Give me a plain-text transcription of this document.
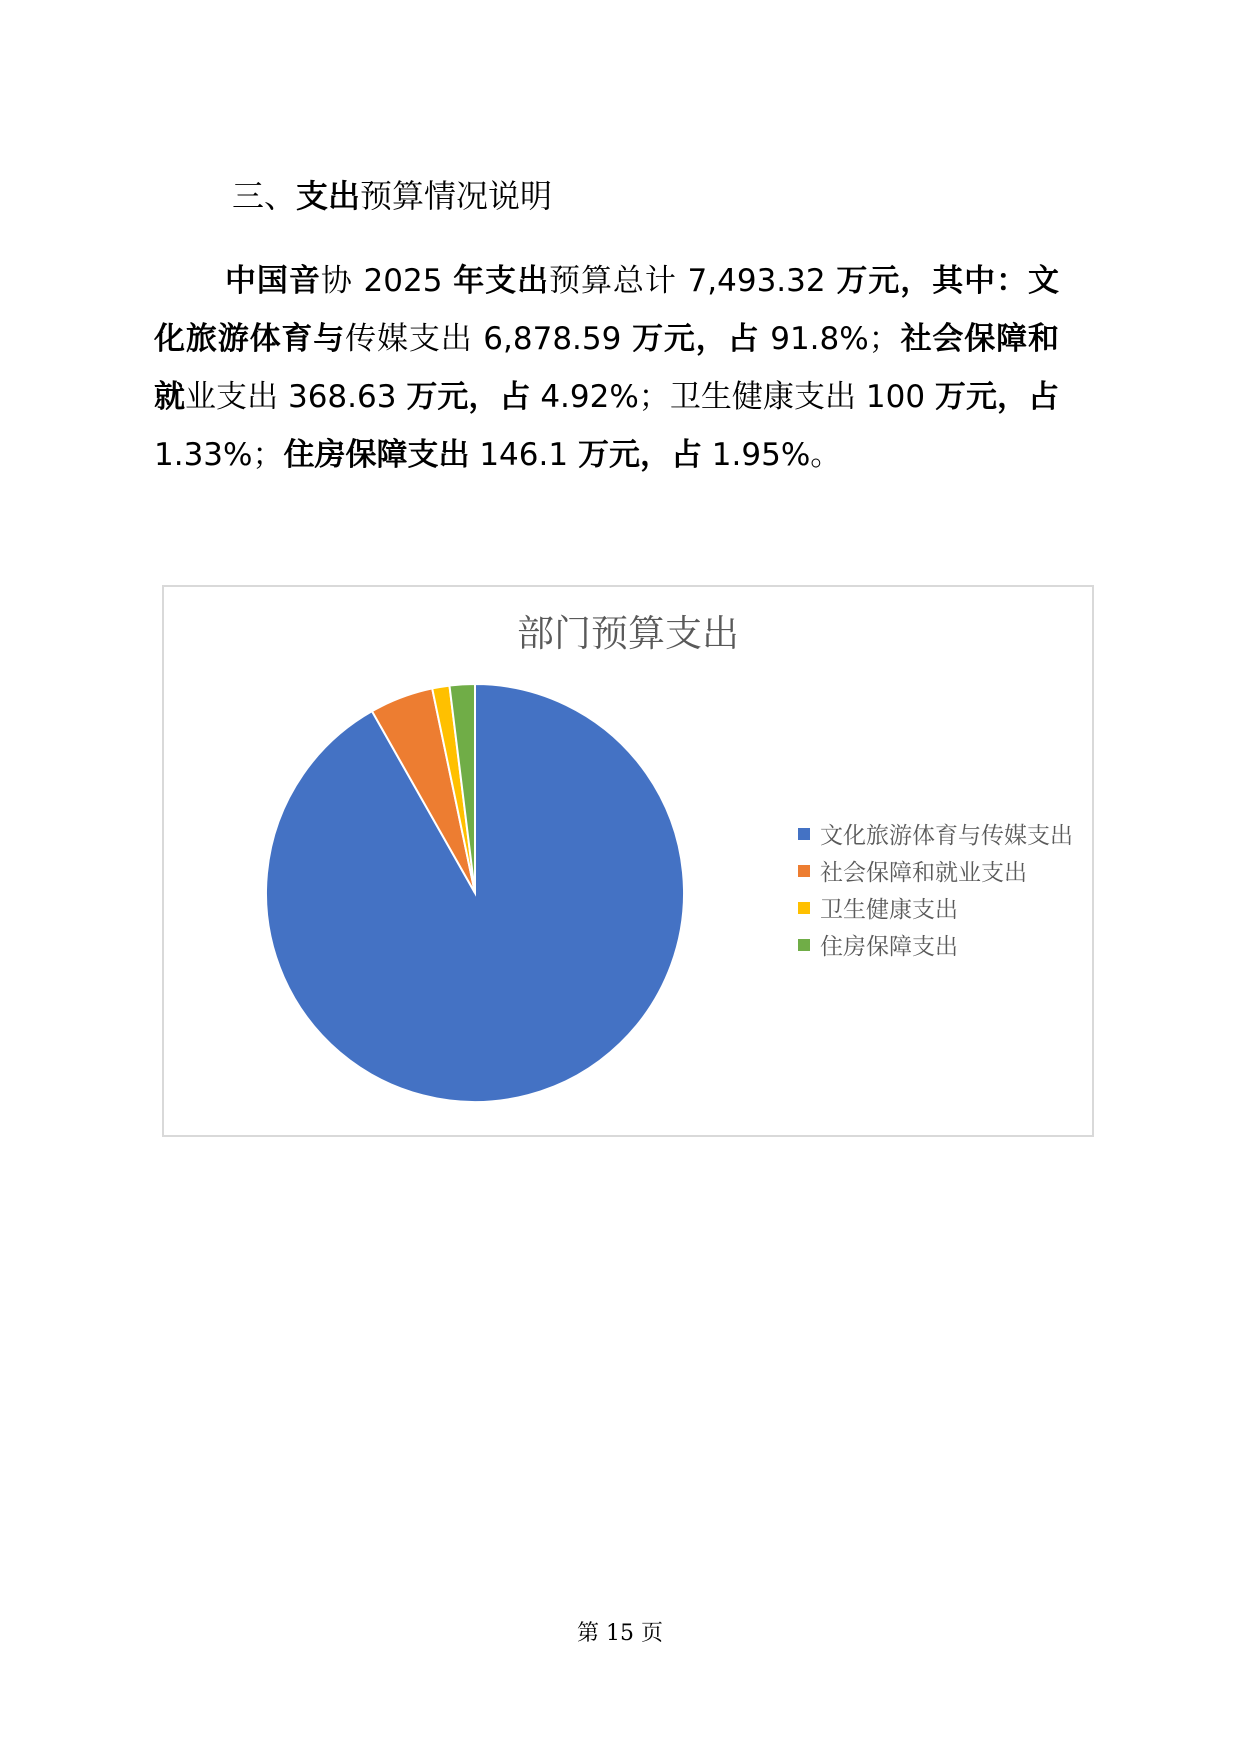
三、支出预算情况说明
中国音协 2025 年支出预算总计 7,493.32 万元，其中：文化旅游体育与传媒支出 6,878.59 万元，占 91.8%；社会保障和就业支出 368.63 万元，占 4.92%；卫生健康支出 100 万元，占 1.33%；住房保障支出 146.1 万元，占 1.95%。
部门预算支出
文化旅游体育与传媒支出
社会保障和就业支出
卫生健康支出
住房保障支出
第 15 页
